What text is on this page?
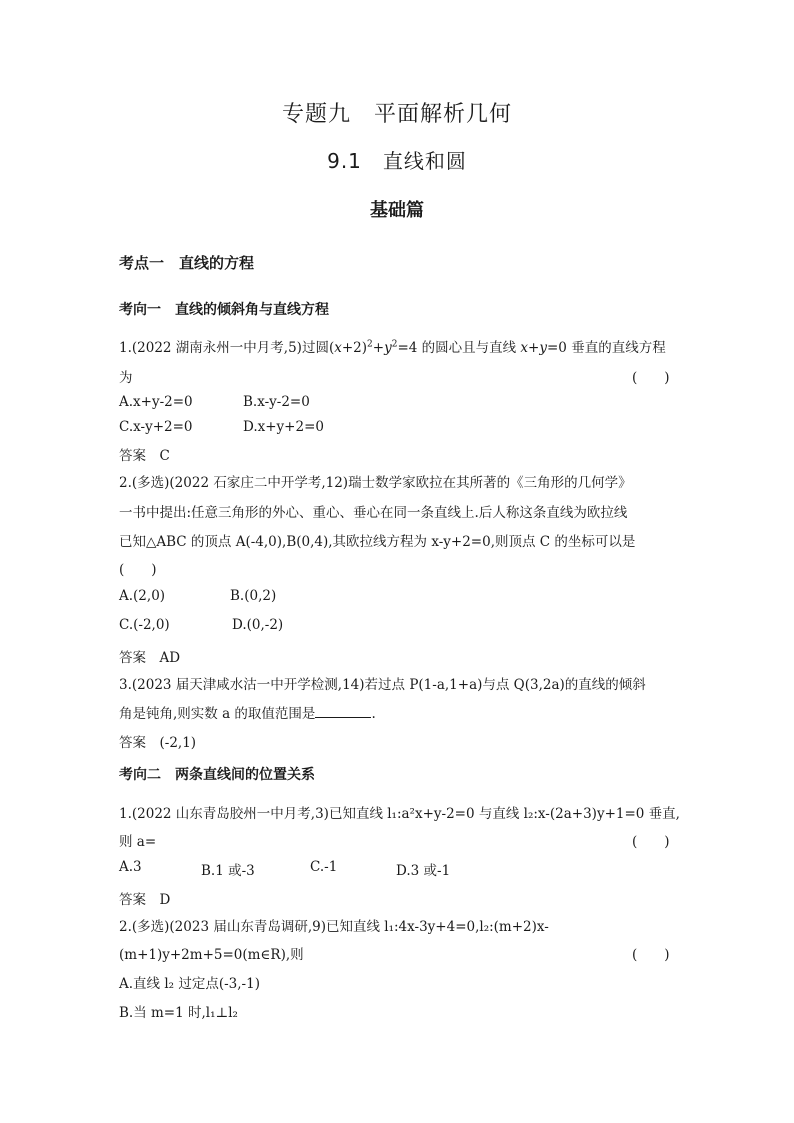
专题九　平面解析几何
9.1　直线和圆
基础篇
考点一　直线的方程
考向一　直线的倾斜角与直线方程
1.(2022 湖南永州一中月考,5)过圆$(x+2)^2+y^2=4$ 的圆心且与直线 x+y=0 垂直的直线方程
为	(　　)
A.x+y-2=0	B.x-y-2=0
C.x-y+2=0	D.x+y+2=0
答案　C
2.(多选)(2022 石家庄二中开学考,12)瑞士数学家欧拉在其所著的《三角形的几何学》
一书中提出:任意三角形的外心、重心、垂心在同一条直线上.后人称这条直线为欧拉线
已知△ABC 的顶点 A(-4,0),B(0,4),其欧拉线方程为 x-y+2=0,则顶点 C 的坐标可以是
(　　)
A.(2,0)	B.(0,2)
C.(-2,0)	D.(0,-2)
答案　AD
3.(2023 届天津咸水沽一中开学检测,14)若过点 P(1-a,1+a)与点 Q(3,2a)的直线的倾斜
角是钝角,则实数 a 的取值范围是	.
答案　(-2,1)
考向二　两条直线间的位置关系
1.(2022 山东青岛胶州一中月考,3)已知直线 l₁:a²x+y-2=0 与直线 l₂:x-(2a+3)y+1=0 垂直,
则 a=	(　　)
A.3	B.1 或-3	C.-1	D.3 或-1
答案　D
2.(多选)(2023 届山东青岛调研,9)已知直线 l₁:4x-3y+4=0,l₂:(m+2)x-
(m+1)y+2m+5=0(m∈R),则	(　　)
A.直线 l₂ 过定点(-3,-1)
B.当 m=1 时,l₁⊥l₂
